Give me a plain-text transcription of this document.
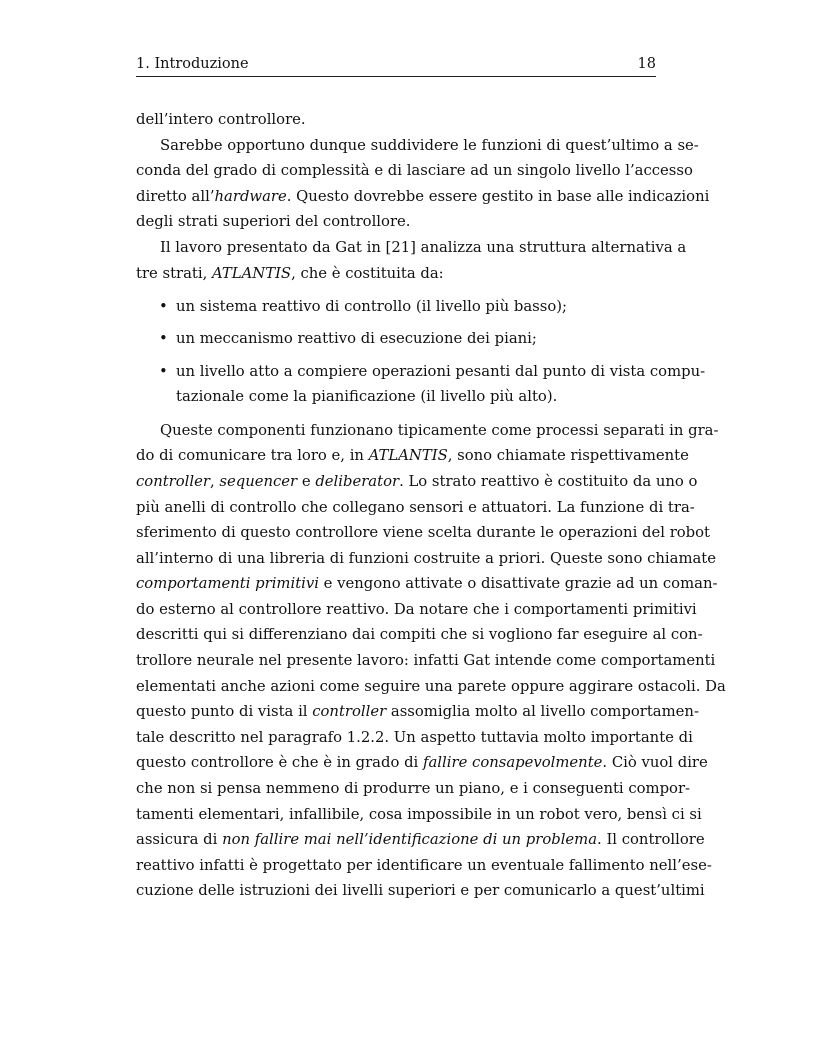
1. Introduzione	18
dell’intero controllore.
Sarebbe opportuno dunque suddividere le funzioni di quest’ultimo a se-
conda del grado di complessità e di lasciare ad un singolo livello l’accesso
diretto all’hardware. Questo dovrebbe essere gestito in base alle indicazioni
degli strati superiori del controllore.
Il lavoro presentato da Gat in [21] analizza una struttura alternativa a
tre strati, ATLANTIS, che è costituita da:
• un sistema reattivo di controllo (il livello più basso);
• un meccanismo reattivo di esecuzione dei piani;
• un livello atto a compiere operazioni pesanti dal punto di vista compu-
tazionale come la pianificazione (il livello più alto).
Queste componenti funzionano tipicamente come processi separati in gra-
do di comunicare tra loro e, in ATLANTIS, sono chiamate rispettivamente
controller, sequencer e deliberator. Lo strato reattivo è costituito da uno o
più anelli di controllo che collegano sensori e attuatori. La funzione di tra-
sferimento di questo controllore viene scelta durante le operazioni del robot
all’interno di una libreria di funzioni costruite a priori. Queste sono chiamate
comportamenti primitivi e vengono attivate o disattivate grazie ad un coman-
do esterno al controllore reattivo. Da notare che i comportamenti primitivi
descritti qui si differenziano dai compiti che si vogliono far eseguire al con-
trollore neurale nel presente lavoro: infatti Gat intende come comportamenti
elementati anche azioni come seguire una parete oppure aggirare ostacoli. Da
questo punto di vista il controller assomiglia molto al livello comportamen-
tale descritto nel paragrafo 1.2.2. Un aspetto tuttavia molto importante di
questo controllore è che è in grado di fallire consapevolmente. Ciò vuol dire
che non si pensa nemmeno di produrre un piano, e i conseguenti compor-
tamenti elementari, infallibile, cosa impossibile in un robot vero, bensì ci si
assicura di non fallire mai nell’identificazione di un problema. Il controllore
reattivo infatti è progettato per identificare un eventuale fallimento nell’ese-
cuzione delle istruzioni dei livelli superiori e per comunicarlo a quest’ultimi
